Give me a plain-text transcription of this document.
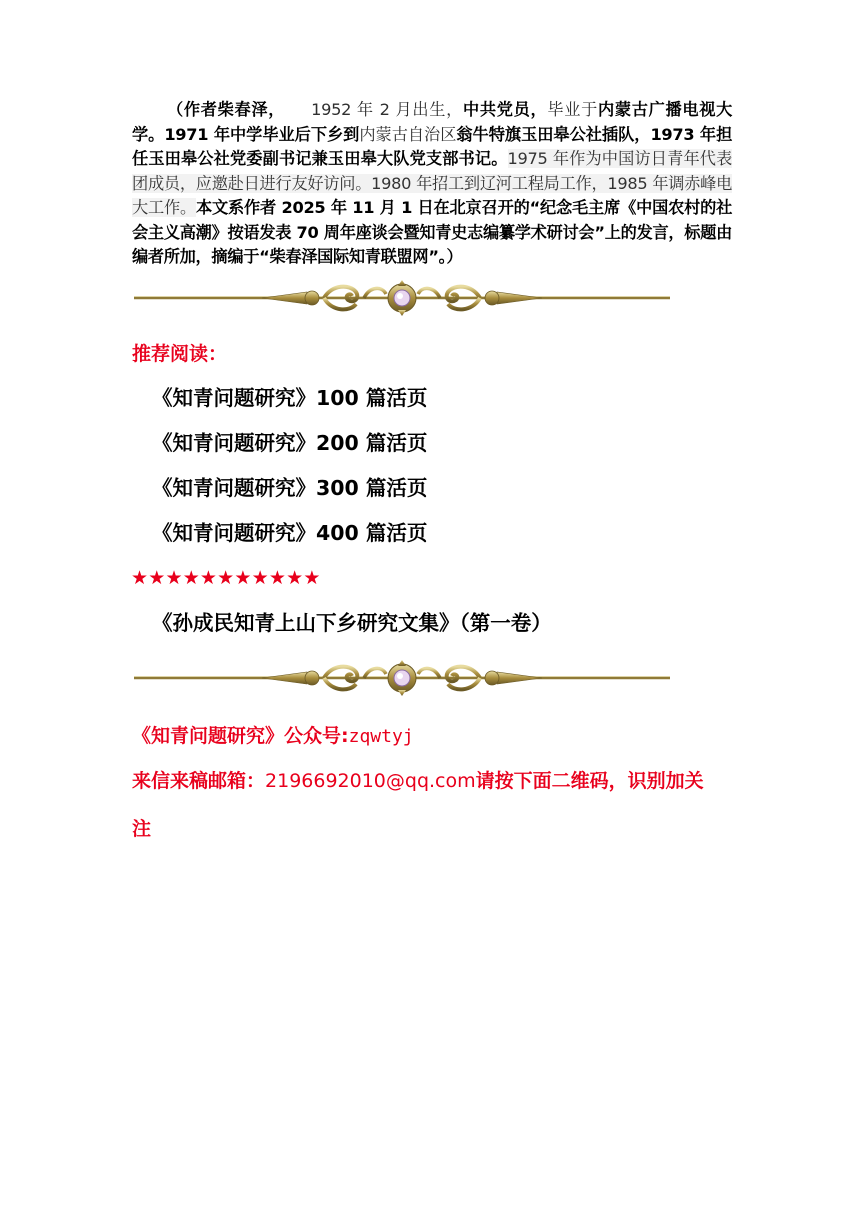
（作者柴春泽， 1952 年 2 月出生，中共党员，毕业于内蒙古广播电视大学。1971 年中学毕业后下乡到内蒙古自治区翁牛特旗玉田皋公社插队，1973 年担任玉田皋公社党委副书记兼玉田皋大队党支部书记。1975 年作为中国访日青年代表团成员，应邀赴日进行友好访问。1980 年招工到辽河工程局工作，1985 年调赤峰电大工作。本文系作者 2025 年 11 月 1 日在北京召开的“纪念毛主席《中国农村的社会主义高潮》按语发表 70 周年座谈会暨知青史志编纂学术研讨会”上的发言，标题由编者所加，摘编于“柴春泽国际知青联盟网”。）

推荐阅读：

《知青问题研究》100 篇活页

《知青问题研究》200 篇活页

《知青问题研究》300 篇活页

《知青问题研究》400 篇活页

★★★★★★★★★★★

《孙成民知青上山下乡研究文集》（第一卷）

《知青问题研究》公众号:zqwtyj

来信来稿邮箱：2196692010@qq.com请按下面二维码，识别加关

注
